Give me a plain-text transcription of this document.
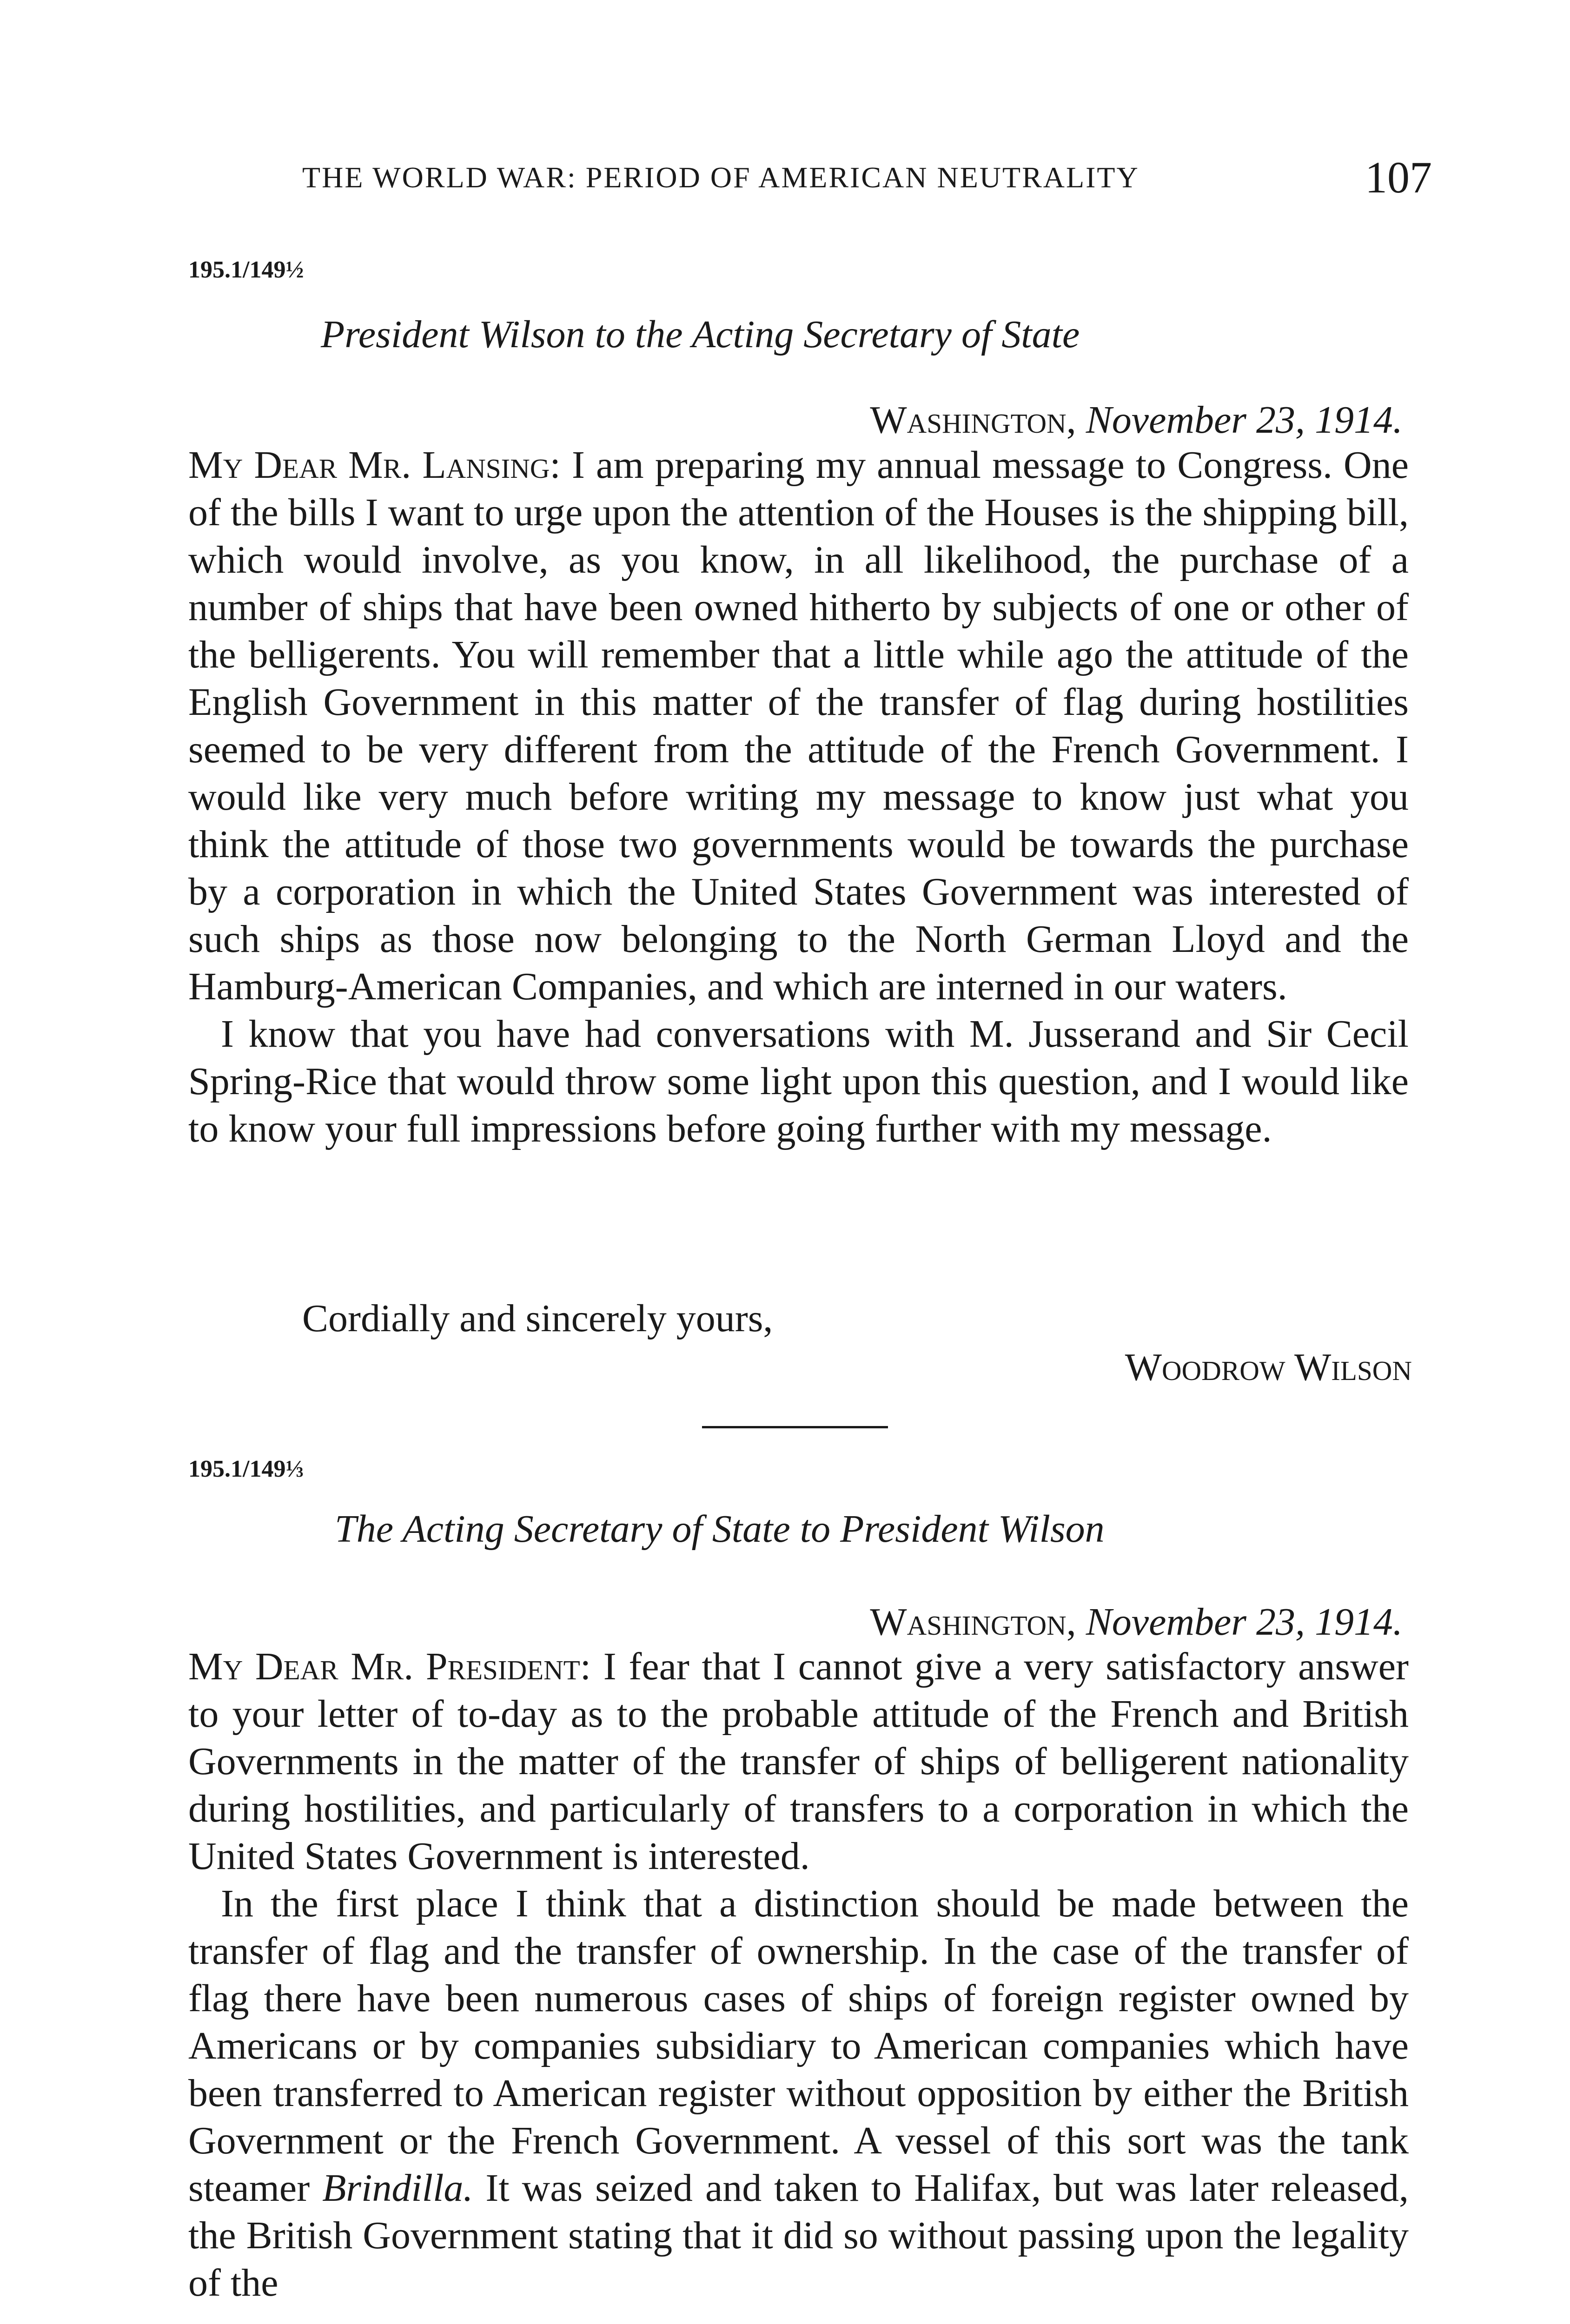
THE WORLD WAR: PERIOD OF AMERICAN NEUTRALITY	107
195.1/149½
President Wilson to the Acting Secretary of State
Washington, November 23, 1914.

My Dear Mr. Lansing: I am preparing my annual message to Congress. One of the bills I want to urge upon the attention of the Houses is the shipping bill, which would involve, as you know, in all likelihood, the purchase of a number of ships that have been owned hitherto by subjects of one or other of the belligerents. You will remember that a little while ago the attitude of the English Government in this matter of the transfer of flag during hostilities seemed to be very different from the attitude of the French Government. I would like very much before writing my message to know just what you think the attitude of those two governments would be towards the purchase by a corporation in which the United States Government was interested of such ships as those now belonging to the North German Lloyd and the Hamburg-American Companies, and which are interned in our waters.

I know that you have had conversations with M. Jusserand and Sir Cecil Spring-Rice that would throw some light upon this question, and I would like to know your full impressions before going further with my message.

Cordially and sincerely yours,
Woodrow Wilson
195.1/149⅓
The Acting Secretary of State to President Wilson
Washington, November 23, 1914.

My Dear Mr. President: I fear that I cannot give a very satisfactory answer to your letter of to-day as to the probable attitude of the French and British Governments in the matter of the transfer of ships of belligerent nationality during hostilities, and particularly of transfers to a corporation in which the United States Government is interested.

In the first place I think that a distinction should be made between the transfer of flag and the transfer of ownership. In the case of the transfer of flag there have been numerous cases of ships of foreign register owned by Americans or by companies subsidiary to American companies which have been transferred to American register without opposition by either the British Government or the French Government. A vessel of this sort was the tank steamer Brindilla. It was seized and taken to Halifax, but was later released, the British Government stating that it did so without passing upon the legality of the
